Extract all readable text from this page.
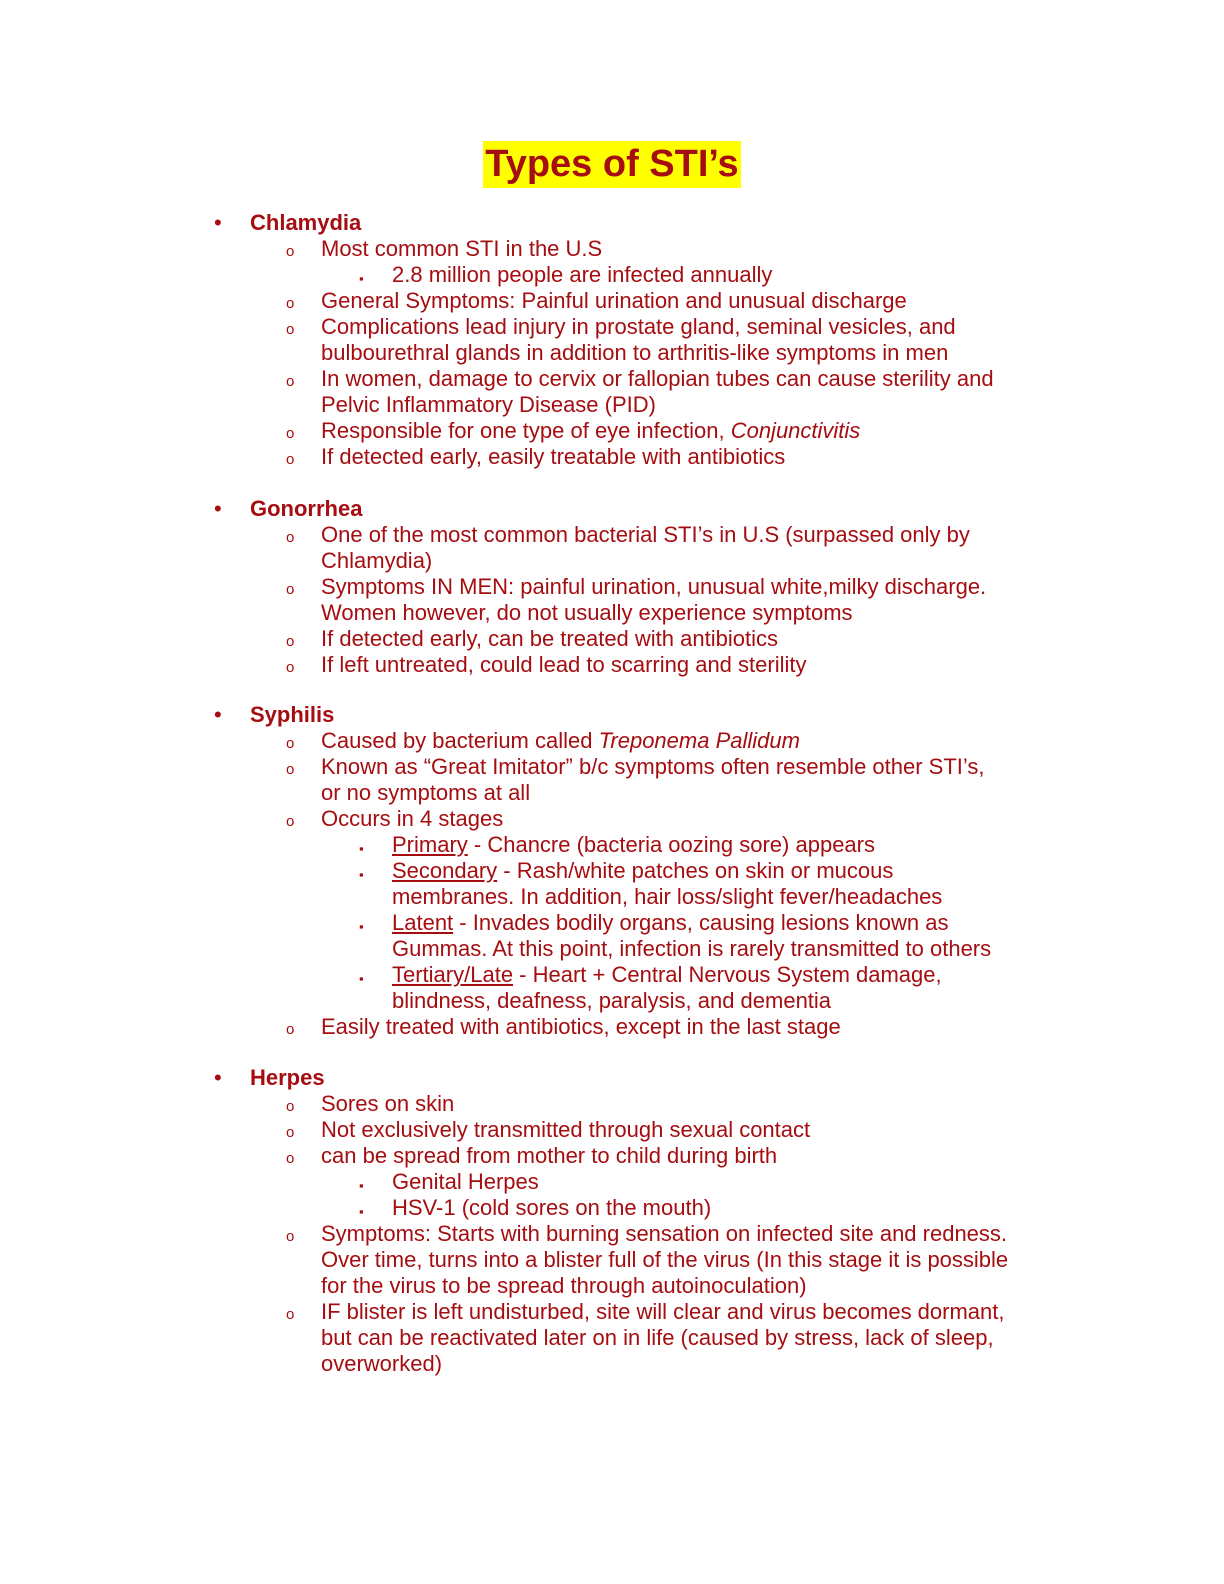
Types of STI’s
• Chlamydia
o Most common STI in the U.S
▪ 2.8 million people are infected annually
o General Symptoms: Painful urination and unusual discharge
o Complications lead injury in prostate gland, seminal vesicles, and
bulbourethral glands in addition to arthritis-like symptoms in men
o In women, damage to cervix or fallopian tubes can cause sterility and
Pelvic Inflammatory Disease (PID)
o Responsible for one type of eye infection, Conjunctivitis
o If detected early, easily treatable with antibiotics
• Gonorrhea
o One of the most common bacterial STI’s in U.S (surpassed only by
Chlamydia)
o Symptoms IN MEN: painful urination, unusual white,milky discharge.
Women however, do not usually experience symptoms
o If detected early, can be treated with antibiotics
o If left untreated, could lead to scarring and sterility
• Syphilis
o Caused by bacterium called Treponema Pallidum
o Known as “Great Imitator” b/c symptoms often resemble other STI’s,
or no symptoms at all
o Occurs in 4 stages
▪ Primary - Chancre (bacteria oozing sore) appears
▪ Secondary - Rash/white patches on skin or mucous
membranes. In addition, hair loss/slight fever/headaches
▪ Latent - Invades bodily organs, causing lesions known as
Gummas. At this point, infection is rarely transmitted to others
▪ Tertiary/Late - Heart + Central Nervous System damage,
blindness, deafness, paralysis, and dementia
o Easily treated with antibiotics, except in the last stage
• Herpes
o Sores on skin
o Not exclusively transmitted through sexual contact
o can be spread from mother to child during birth
▪ Genital Herpes
▪ HSV-1 (cold sores on the mouth)
o Symptoms: Starts with burning sensation on infected site and redness.
Over time, turns into a blister full of the virus (In this stage it is possible
for the virus to be spread through autoinoculation)
o IF blister is left undisturbed, site will clear and virus becomes dormant,
but can be reactivated later on in life (caused by stress, lack of sleep,
overworked)
